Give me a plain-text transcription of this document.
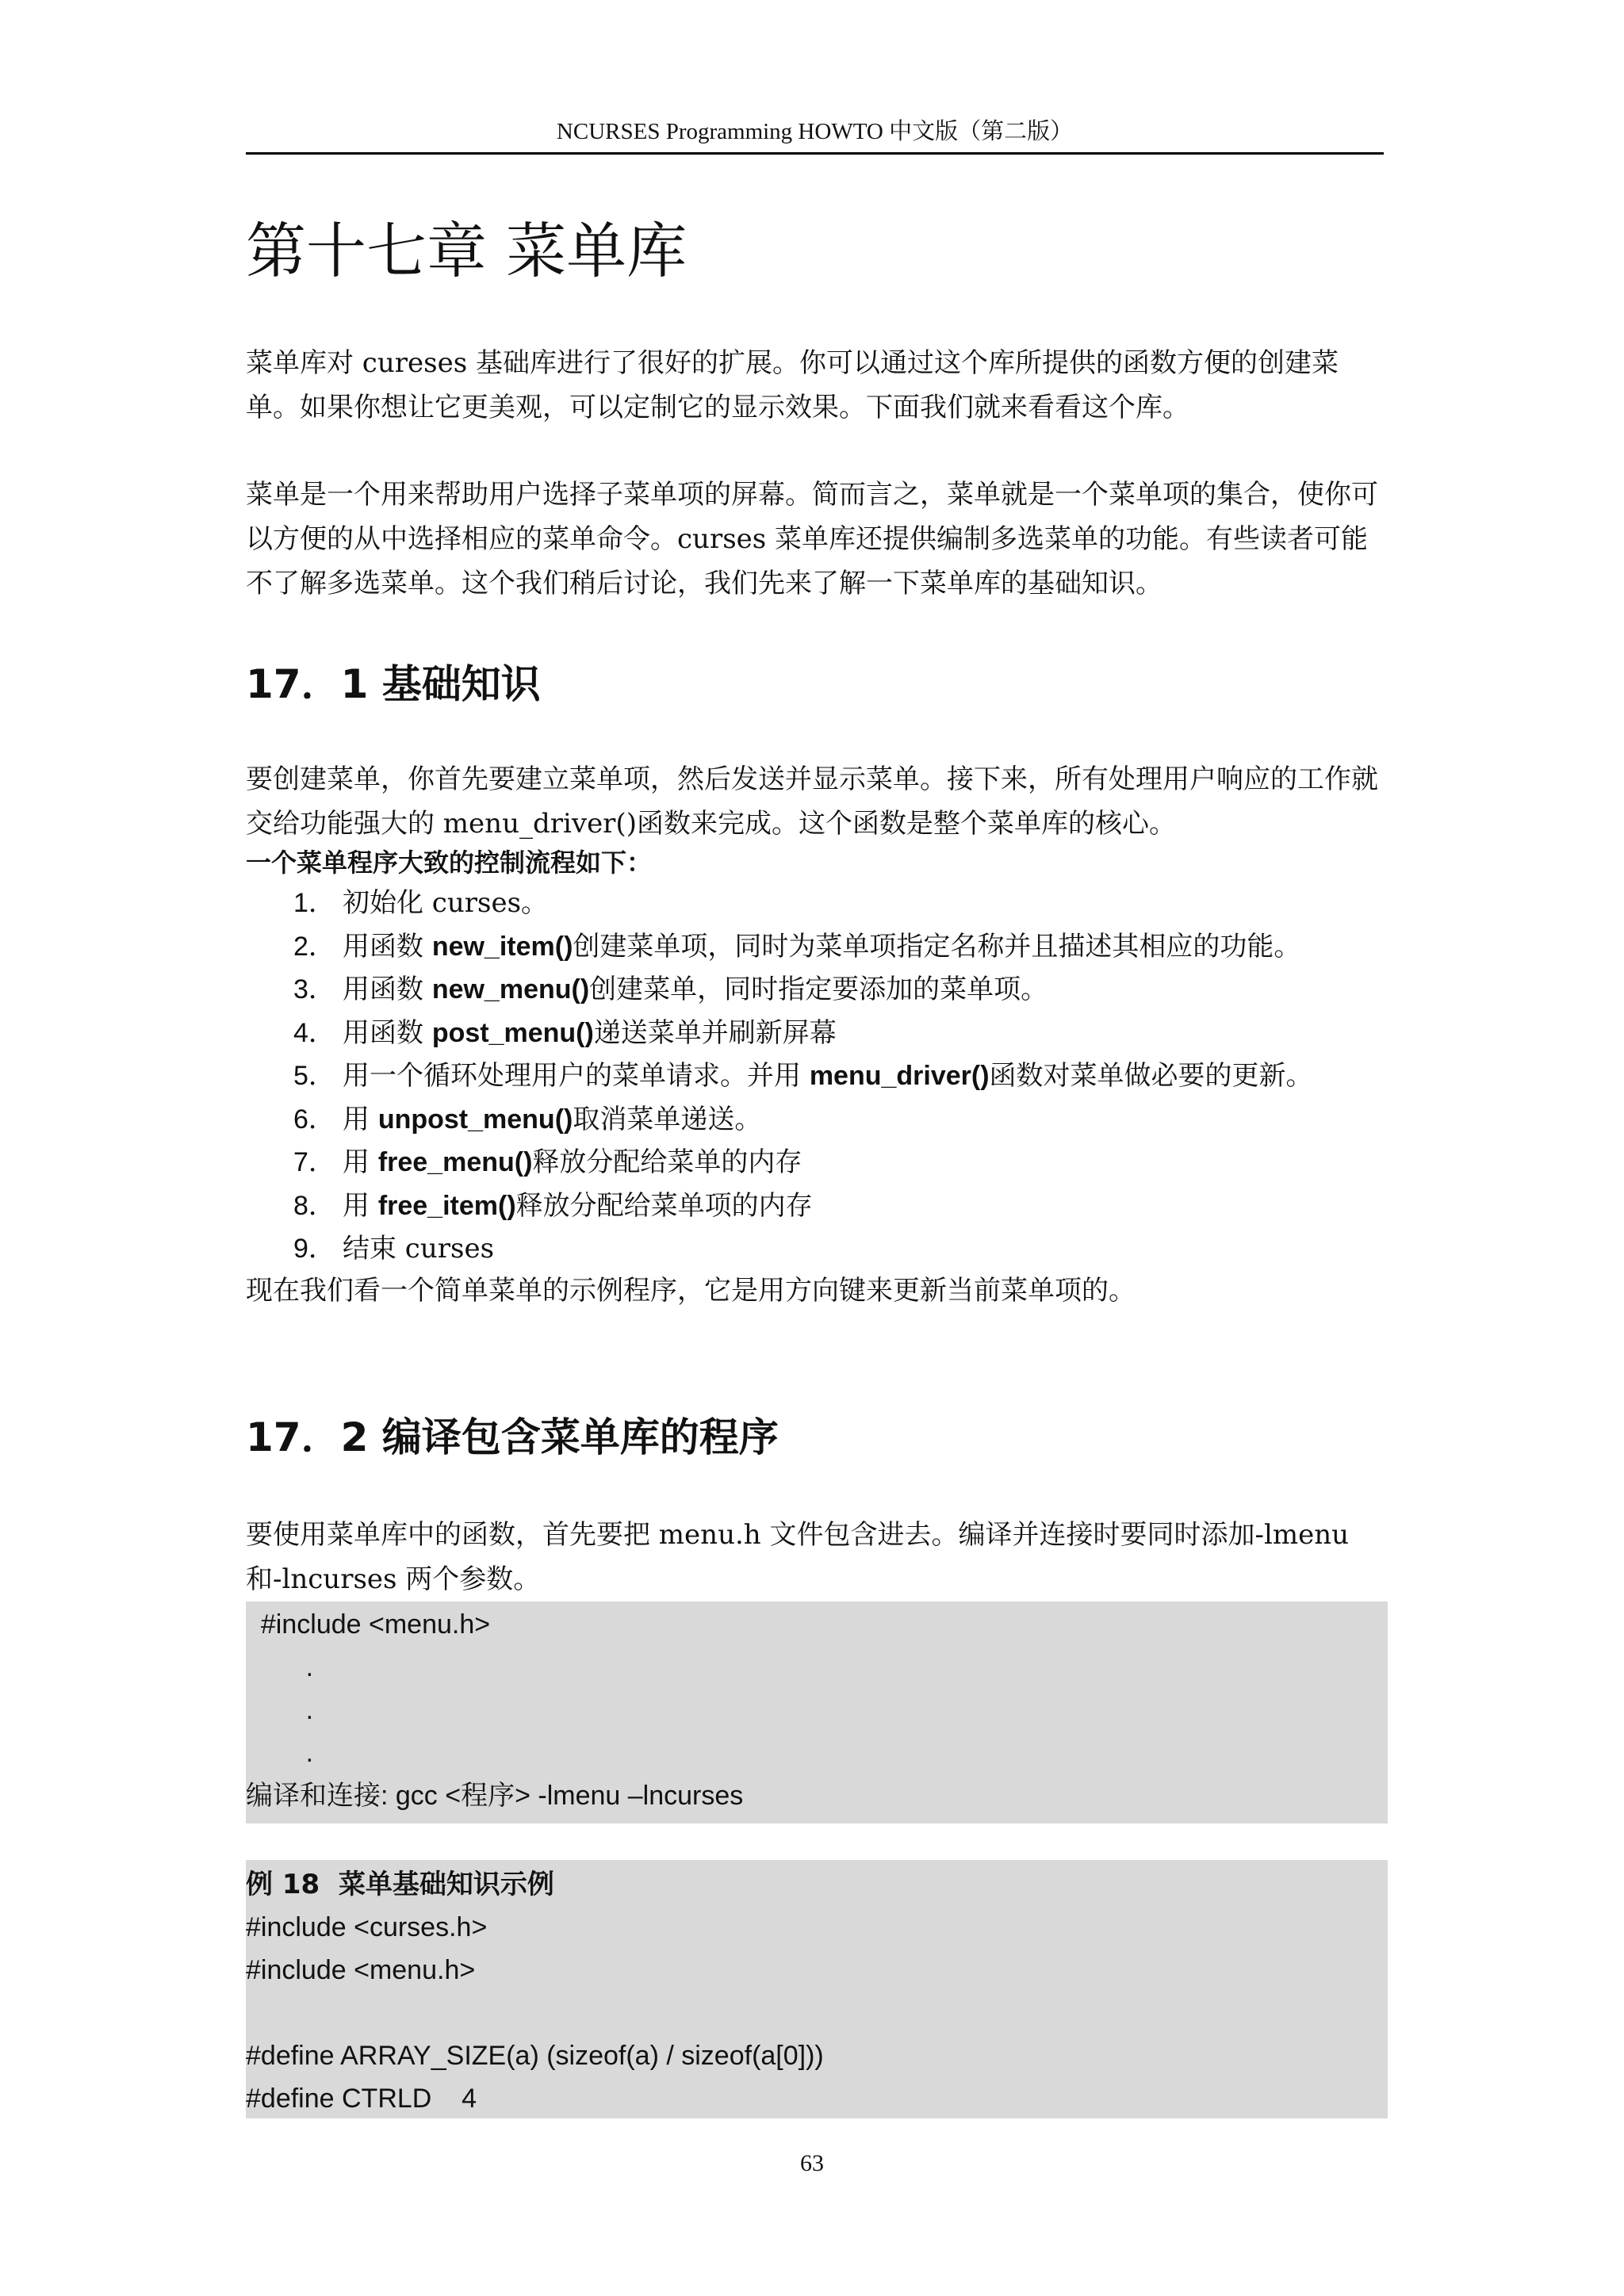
NCURSES Programming HOWTO 中文版（第二版）
第十七章 菜单库

菜单库对 cureses 基础库进行了很好的扩展。你可以通过这个库所提供的函数方便的创建菜单。如果你想让它更美观，可以定制它的显示效果。下面我们就来看看这个库。

菜单是一个用来帮助用户选择子菜单项的屏幕。简而言之，菜单就是一个菜单项的集合，使你可以方便的从中选择相应的菜单命令。curses 菜单库还提供编制多选菜单的功能。有些读者可能不了解多选菜单。这个我们稍后讨论，我们先来了解一下菜单库的基础知识。

17．1 基础知识

要创建菜单，你首先要建立菜单项，然后发送并显示菜单。接下来，所有处理用户响应的工作就交给功能强大的 menu_driver()函数来完成。这个函数是整个菜单库的核心。

一个菜单程序大致的控制流程如下：

1． 初始化 curses。
2． 用函数 new_item()创建菜单项，同时为菜单项指定名称并且描述其相应的功能。
3． 用函数 new_menu()创建菜单，同时指定要添加的菜单项。
4． 用函数 post_menu()递送菜单并刷新屏幕
5． 用一个循环处理用户的菜单请求。并用 menu_driver()函数对菜单做必要的更新。
6． 用 unpost_menu()取消菜单递送。
7． 用 free_menu()释放分配给菜单的内存
8． 用 free_item()释放分配给菜单项的内存
9． 结束 curses

现在我们看一个简单菜单的示例程序，它是用方向键来更新当前菜单项的。

17．2 编译包含菜单库的程序

要使用菜单库中的函数，首先要把 menu.h 文件包含进去。编译并连接时要同时添加-lmenu 和-lncurses 两个参数。

#include <menu.h>
.
.
.
编译和连接: gcc <程序> -lmenu –lncurses
例 18  菜单基础知识示例
#include <curses.h>
#include <menu.h>
#define ARRAY_SIZE(a) (sizeof(a) / sizeof(a[0]))
#define CTRLD    4
63
